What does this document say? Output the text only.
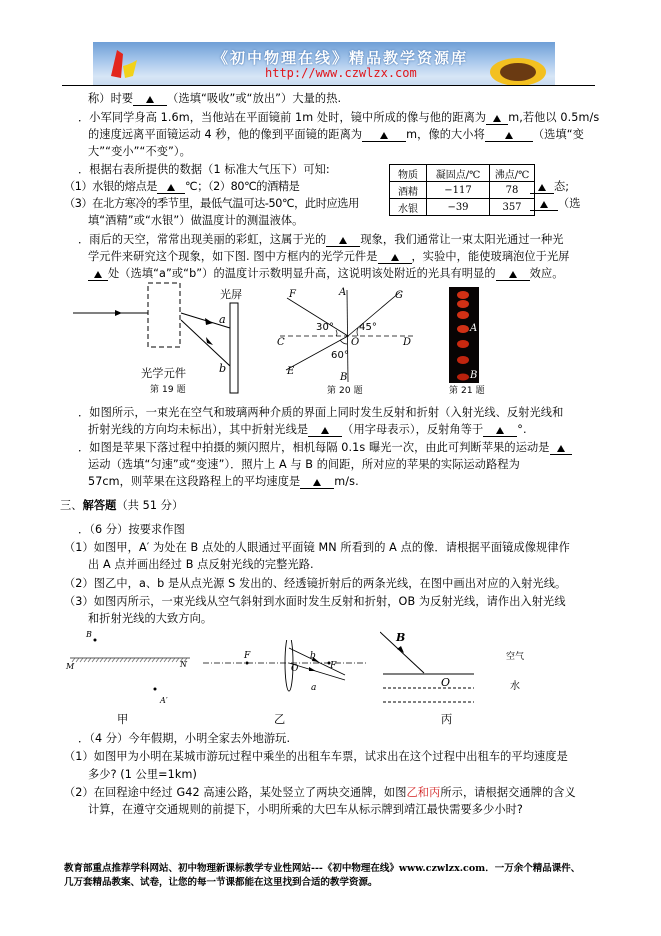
《初中物理在线》精品教学资源库
http://www.czwlzx.com
称）时要	（选填“吸收”或“放出”）大量的热.
．小军同学身高 1.6m，当他站在平面镜前 1m 处时，镜中所成的像与他的距离为 m,若他以 0.5m/s
的速度远离平面镜运动 4 秒，他的像到平面镜的距离为	m，像的大小将	（选填“变
大”“变小”“不变”）。
．根据右表所提供的数据（1 标准大气压下）可知:
（1）水银的熔点是	℃；（2）80℃的酒精是	态;
（3）在北方寒冷的季节里，最低气温可达-50℃，此时应选用	（选
填“酒精”或“水银”）做温度计的测温液体。
物质	凝固点/℃	沸点/℃
酒精	−117	78
水银	−39	357
．雨后的天空，常常出现美丽的彩虹，这属于光的	现象，我们通常让一束太阳光通过一种光
学元件来研究这个现象，如下图. 图中方框内的光学元件是	，实验中，能使玻璃泡位于光屏
处（选填“a”或“b”）的温度计示数明显升高，这说明该处附近的光具有明显的	效应。
光屏
a
b
光学元件
第 19 题
F	A	G
30° 45°
C	O	D
60°
E
B
第 20 题
A
B
第 21 题
．如图所示，一束光在空气和玻璃两种介质的界面上同时发生反射和折射（入射光线、反射光线和
折射光线的方向均未标出），其中折射光线是	（用字母表示），反射角等于	°.
．如图是苹果下落过程中拍摄的频闪照片，相机每隔 0.1s 曝光一次，由此可判断苹果的运动是
运动（选填“匀速”或“变速”）．照片上 A 与 B 的间距，所对应的苹果的实际运动路程为
57cm，则苹果在这段路程上的平均速度是	m/s.
三、解答题（共 51 分）
．（6 分）按要求作图
（1）如图甲，A′ 为处在 B 点处的人眼通过平面镜 MN 所看到的 A 点的像．请根据平面镜成像规律作
出 A 点并画出经过 B 点反射光线的完整光路.
（2）图乙中，a、b 是从点光源 S 发出的、经透镜折射后的两条光线，在图中画出对应的入射光线。
（3）如图丙所示，一束光线从空气斜射到水面时发生反射和折射，OB 为反射光线，请作出入射光线
和折射光线的大致方向。
B
M	N
A′
甲
F
O
b
F
a
乙
B
O
空气
水
丙
．（4 分）今年假期，小明全家去外地游玩.
（1）如图甲为小明在某城市游玩过程中乘坐的出租车车票，试求出在这个过程中出租车的平均速度是
多少? (1 公里=1km)
（2）在回程途中经过 G42 高速公路，某处竖立了两块交通牌，如图乙和丙所示，请根据交通牌的含义
计算，在遵守交通规则的前提下，小明所乘的大巴车从标示牌到靖江最快需要多少小时?
教育部重点推荐学科网站、初中物理新课标教学专业性网站---《初中物理在线》www.czwlzx.com．一万余个精品课件、
几万套精品教案、试卷，让您的每一节课都能在这里找到合适的教学资源。
